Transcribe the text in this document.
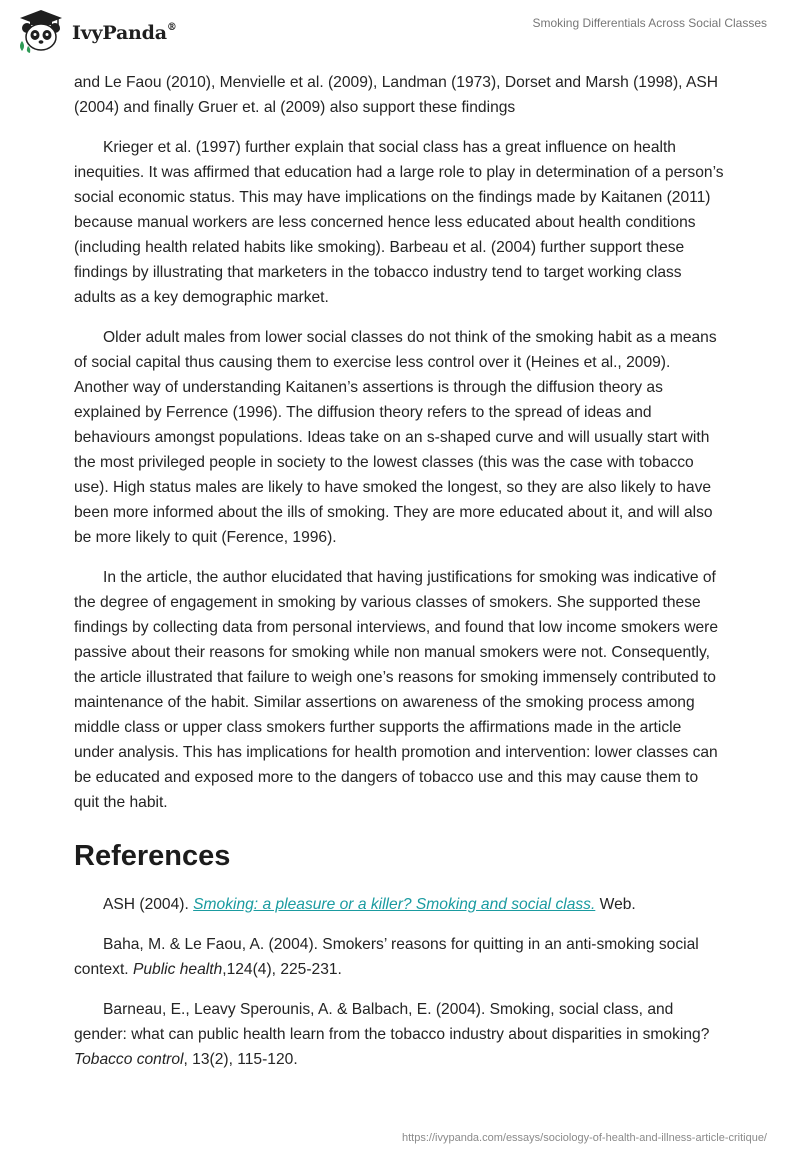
IvyPanda®	Smoking Differentials Across Social Classes

and Le Faou (2010), Menvielle et al. (2009), Landman (1973), Dorset and Marsh (1998), ASH (2004) and finally Gruer et. al (2009) also support these findings

Krieger et al. (1997) further explain that social class has a great influence on health inequities. It was affirmed that education had a large role to play in determination of a person’s social economic status. This may have implications on the findings made by Kaitanen (2011) because manual workers are less concerned hence less educated about health conditions (including health related habits like smoking). Barbeau et al. (2004) further support these findings by illustrating that marketers in the tobacco industry tend to target working class adults as a key demographic market.

Older adult males from lower social classes do not think of the smoking habit as a means of social capital thus causing them to exercise less control over it (Heines et al., 2009). Another way of understanding Kaitanen’s assertions is through the diffusion theory as explained by Ferrence (1996). The diffusion theory refers to the spread of ideas and behaviours amongst populations. Ideas take on an s-shaped curve and will usually start with the most privileged people in society to the lowest classes (this was the case with tobacco use). High status males are likely to have smoked the longest, so they are also likely to have been more informed about the ills of smoking. They are more educated about it, and will also be more likely to quit (Ference, 1996).

In the article, the author elucidated that having justifications for smoking was indicative of the degree of engagement in smoking by various classes of smokers. She supported these findings by collecting data from personal interviews, and found that low income smokers were passive about their reasons for smoking while non manual smokers were not. Consequently, the article illustrated that failure to weigh one’s reasons for smoking immensely contributed to maintenance of the habit. Similar assertions on awareness of the smoking process among middle class or upper class smokers further supports the affirmations made in the article under analysis. This has implications for health promotion and intervention: lower classes can be educated and exposed more to the dangers of tobacco use and this may cause them to quit the habit.

References

ASH (2004). Smoking: a pleasure or a killer? Smoking and social class. Web.

Baha, M. & Le Faou, A. (2004). Smokers’ reasons for quitting in an anti-smoking social context. Public health,124(4), 225-231.

Barneau, E., Leavy Sperounis, A. & Balbach, E. (2004). Smoking, social class, and gender: what can public health learn from the tobacco industry about disparities in smoking? Tobacco control, 13(2), 115-120.

https://ivypanda.com/essays/sociology-of-health-and-illness-article-critique/
